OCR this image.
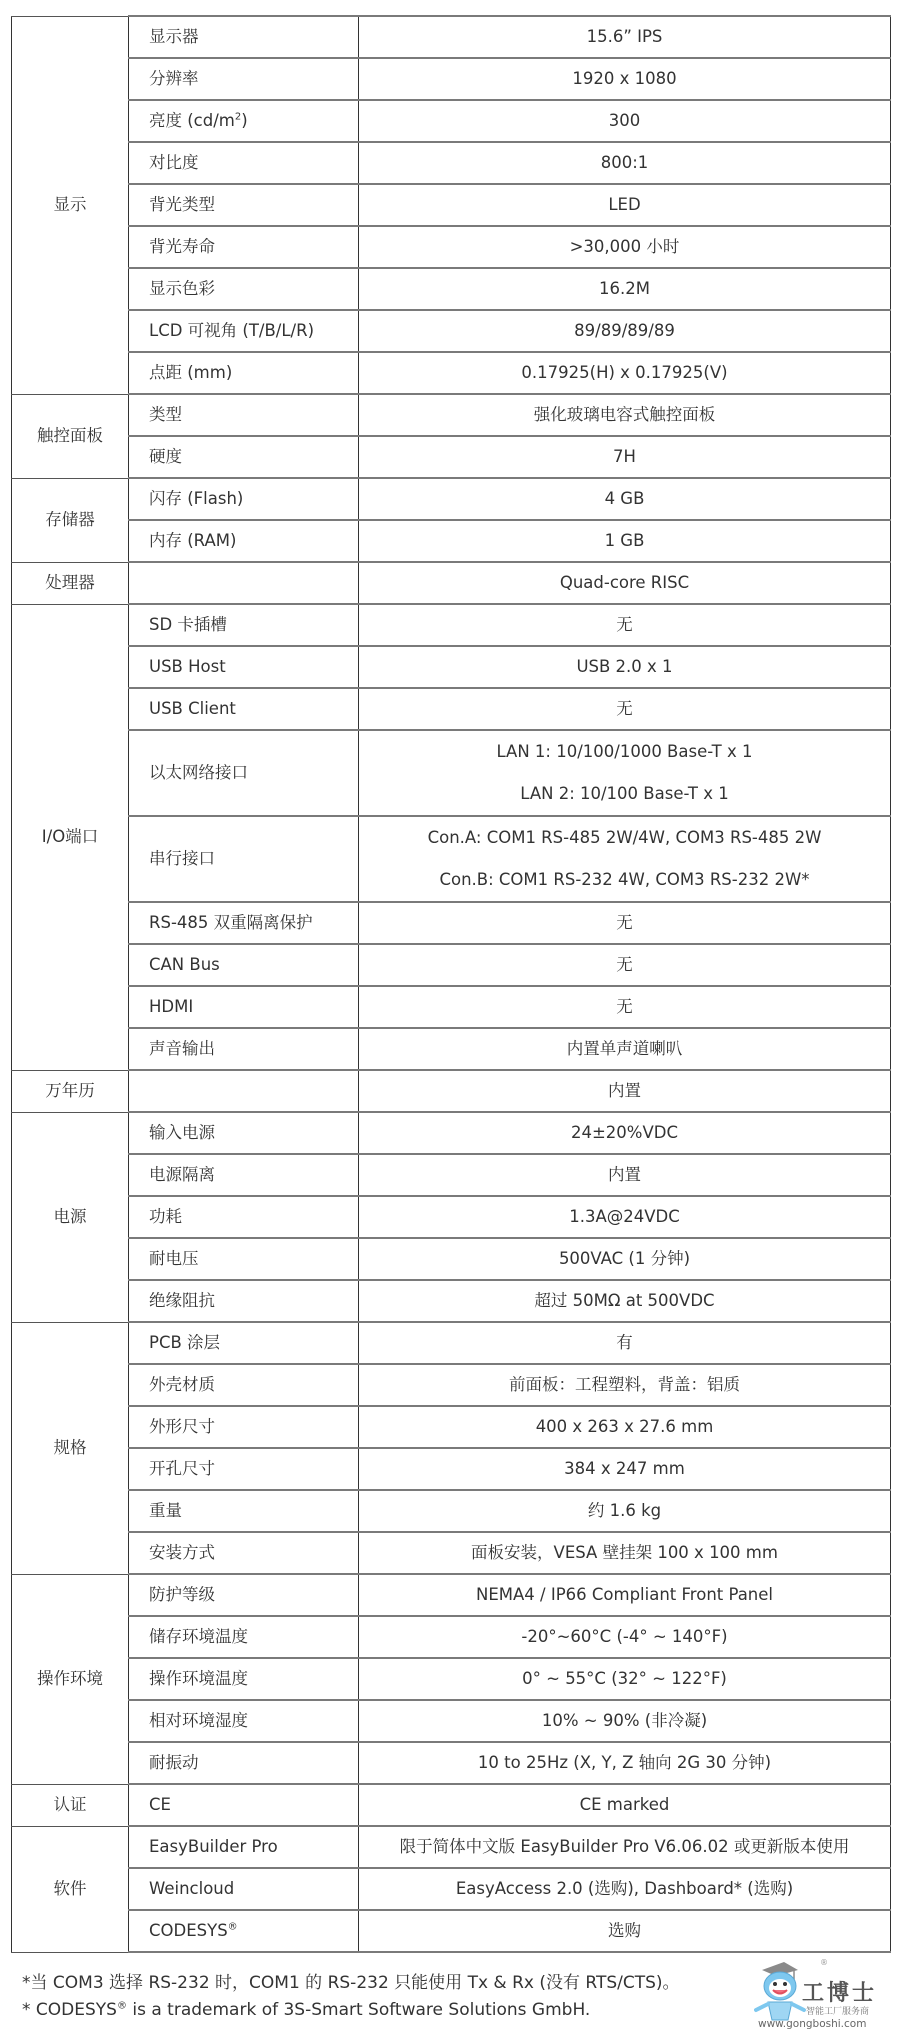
显示	显示器	15.6” IPS
	分辨率	1920 x 1080
	亮度 $(cd/m^2)$	300
	对比度	800:1
	背光类型	LED
	背光寿命	>30,000 小时
	显示色彩	16.2M
	LCD 可视角 (T/B/L/R)	89/89/89/89
	点距 (mm)	0.17925(H) x 0.17925(V)
触控面板	类型	强化玻璃电容式触控面板
	硬度	7H
存储器	闪存 (Flash)	4 GB
	内存 (RAM)	1 GB
处理器		Quad-core RISC
I/O端口	SD 卡插槽	无
	USB Host	USB 2.0 x 1
	USB Client	无
	以太网络接口	LAN 1: 10/100/1000 Base-T x 1
LAN 2: 10/100 Base-T x 1

	串行接口	Con.A: COM1 RS-485 2W/4W, COM3 RS-485 2W
Con.B: COM1 RS-232 4W, COM3 RS-232 2W*

	RS-485 双重隔离保护	无
	CAN Bus	无
	HDMI	无
	声音输出	内置单声道喇叭
万年历		内置
电源	输入电源	24±20%VDC
	电源隔离	内置
	功耗	1.3A@24VDC
	耐电压	500VAC (1 分钟)
	绝缘阻抗	超过 50MΩ at 500VDC
规格	PCB 涂层	有
	外壳材质	前面板：工程塑料，背盖：铝质
	外形尺寸	400 x 263 x 27.6 mm
	开孔尺寸	384 x 247 mm
	重量	约 1.6 kg
	安装方式	面板安装，VESA 壁挂架 100 x 100 mm
操作环境	防护等级	NEMA4 / IP66 Compliant Front Panel
	储存环境温度	-20°~60°C (-4° ~ 140°F)
	操作环境温度	0° ~ 55°C (32° ~ 122°F)
	相对环境湿度	10% ~ 90% (非冷凝)
	耐振动	10 to 25Hz (X, Y, Z 轴向 2G 30 分钟)
认证	CE	CE marked
软件	EasyBuilder Pro	限于简体中文版 EasyBuilder Pro V6.06.02 或更新版本使用
	Weincloud	EasyAccess 2.0 (选购), Dashboard* (选购)
	CODESYS®	选购
*当 COM3 选择 RS-232 时，COM1 的 RS-232 只能使用 Tx & Rx (没有 RTS/CTS)。
* CODESYS® is a trademark of 3S-Smart Software Solutions GmbH.
®
工博士
智能工厂服务商
www.gongboshi.com
